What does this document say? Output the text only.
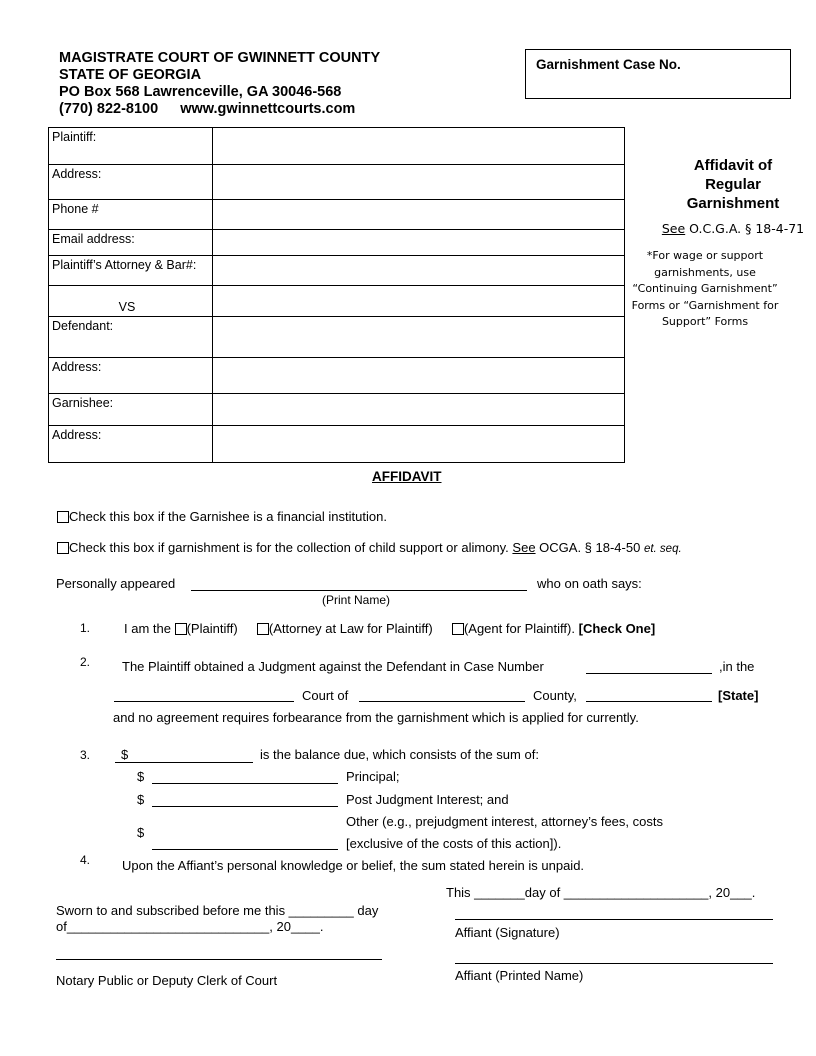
MAGISTRATE COURT OF GWINNETT COUNTY
STATE OF GEORGIA
PO Box 568 Lawrenceville, GA 30046-568
(770) 822-8100 www.gwinnettcourts.com
Garnishment Case No.
Plaintiff:	
Address:	
Phone #	
Email address:	
Plaintiff’s Attorney & Bar#:	
VS	
Defendant:	
Address:	
Garnishee:	
Address:	
Affidavit of
Regular
Garnishment
See O.C.G.A. § 18-4-71
*For wage or support
garnishments, use
“Continuing Garnishment”
Forms or “Garnishment for
Support” Forms
AFFIDAVIT
Check this box if the Garnishee is a financial institution.
Check this box if garnishment is for the collection of child support or alimony. See OCGA. § 18-4-50 et. seq.
Personally appeared	who on oath says:
(Print Name)
1.	I am the (Plaintiff) (Attorney at Law for Plaintiff) (Agent for Plaintiff). [Check One]
2. The Plaintiff obtained a Judgment against the Defendant in Case Number	,in the
Court of	County,	[State]
and no agreement requires forbearance from the garnishment which is applied for currently.
3. $	is the balance due, which consists of the sum of:
$	Principal;
$	Post Judgment Interest; and
Other (e.g., prejudgment interest, attorney’s fees, costs
$
[exclusive of the costs of this action]).
4. Upon the Affiant’s personal knowledge or belief, the sum stated herein is unpaid.
This _______day of ____________________, 20___.
Sworn to and subscribed before me this _________ day
of____________________________, 20____.	Affiant (Signature)
Affiant (Printed Name)
Notary Public or Deputy Clerk of Court
